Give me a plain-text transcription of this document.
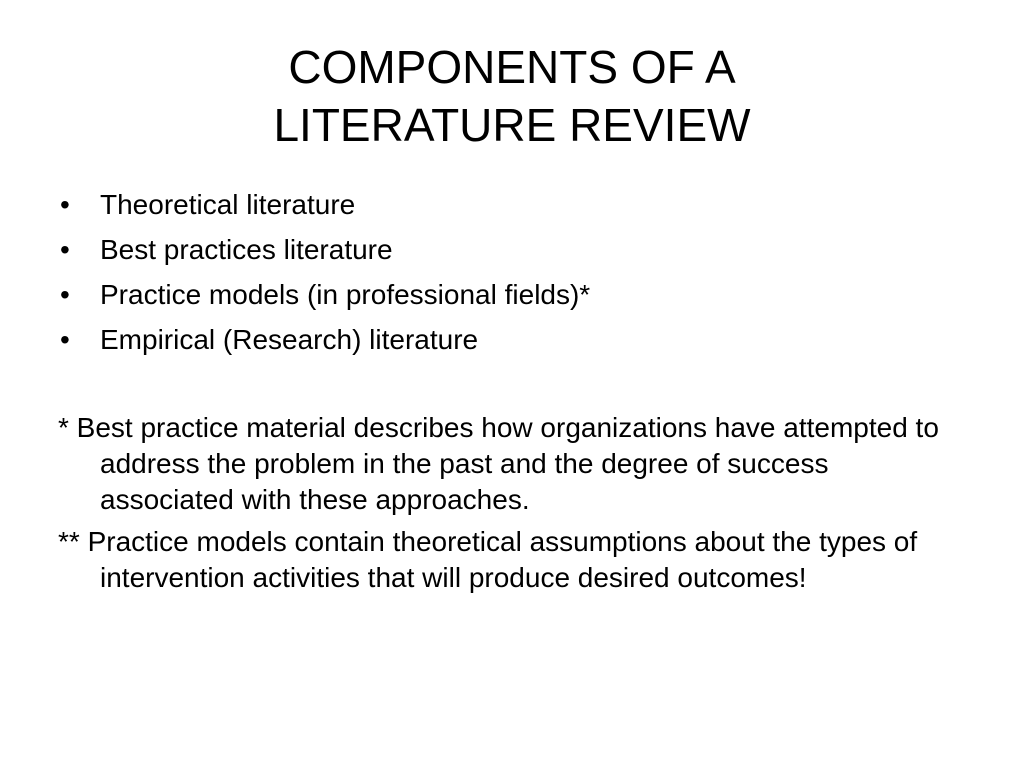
COMPONENTS OF A
LITERATURE REVIEW
• Theoretical literature
• Best practices literature
• Practice models (in professional fields)*
• Empirical (Research) literature

* Best practice material describes how organizations have attempted to address the problem in the past and the degree of success associated with these approaches.

** Practice models contain theoretical assumptions about the types of intervention activities that will produce desired outcomes!
